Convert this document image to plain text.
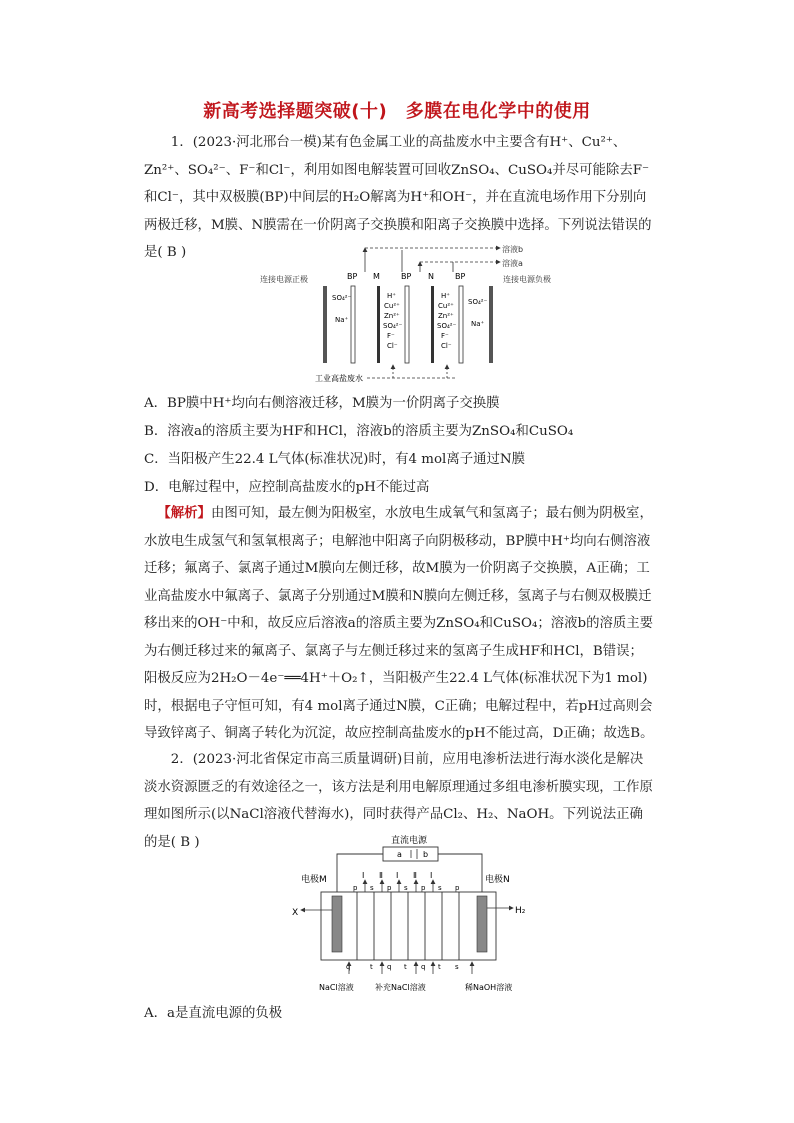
新高考选择题突破(十)　多膜在电化学中的使用
1．(2023·河北邢台一模)某有色金属工业的高盐废水中主要含有H⁺、Cu²⁺、Zn²⁺、SO₄²⁻、F⁻和Cl⁻，利用如图电解装置可回收ZnSO₄、CuSO₄并尽可能除去F⁻和Cl⁻，其中双极膜(BP)中间层的H₂O解离为H⁺和OH⁻，并在直流电场作用下分别向两极迁移，M膜、N膜需在一价阴离子交换膜和阳离子交换膜中选择。下列说法错误的是( B )	溶液b
溶液a
连接电源正极	连接电源负极
BP M	BP N	BP
SO₄²⁻
Na⁺
SO₄²⁻
Na⁺
H⁺
Cu²⁺
Zn²⁺
SO₄²⁻
F⁻
Cl⁻
H⁺
Cu²⁺
Zn²⁺
SO₄²⁻
F⁻
Cl⁻
工业高盐废水
A．BP膜中H⁺均向右侧溶液迁移，M膜为一价阴离子交换膜
B．溶液a的溶质主要为HF和HCl，溶液b的溶质主要为ZnSO₄和CuSO₄
C．当阳极产生22.4 L气体(标准状况)时，有4 mol离子通过N膜
D．电解过程中，应控制高盐废水的pH不能过高
【解析】由图可知，最左侧为阳极室，水放电生成氧气和氢离子；最右侧为阴极室，水放电生成氢气和氢氧根离子；电解池中阳离子向阴极移动，BP膜中H⁺均向右侧溶液迁移；氟离子、氯离子通过M膜向左侧迁移，故M膜为一价阴离子交换膜，A正确；工业高盐废水中氟离子、氯离子分别通过M膜和N膜向左侧迁移，氢离子与右侧双极膜迁移出来的OH⁻中和，故反应后溶液a的溶质主要为ZnSO₄和CuSO₄；溶液b的溶质主要为右侧迁移过来的氟离子、氯离子与左侧迁移过来的氢离子生成HF和HCl，B错误；阳极反应为2H₂O－4e⁻══4H⁺＋O₂↑，当阳极产生22.4 L气体(标准状况下为1 mol)时，根据电子守恒可知，有4 mol离子通过N膜，C正确；电解过程中，若pH过高则会导致锌离子、铜离子转化为沉淀，故应控制高盐废水的pH不能过高，D正确；故选B。
2．(2023·河北省保定市高三质量调研)目前，应用电渗析法进行海水淡化是解决淡水资源匮乏的有效途径之一，该方法是利用电解原理通过多组电渗析膜实现，工作原理如图所示(以NaCl溶液代替海水)，同时获得产品Cl₂、H₂、NaOH。下列说法正确的是( B )	直流电源
a	b
电极M	电极N
p s p s p s p
Ⅰ Ⅱ Ⅰ Ⅱ Ⅰ
X	H₂
q	t q t q t s
NaCl溶液	补充NaCl溶液	稀NaOH溶液
A．a是直流电源的负极
